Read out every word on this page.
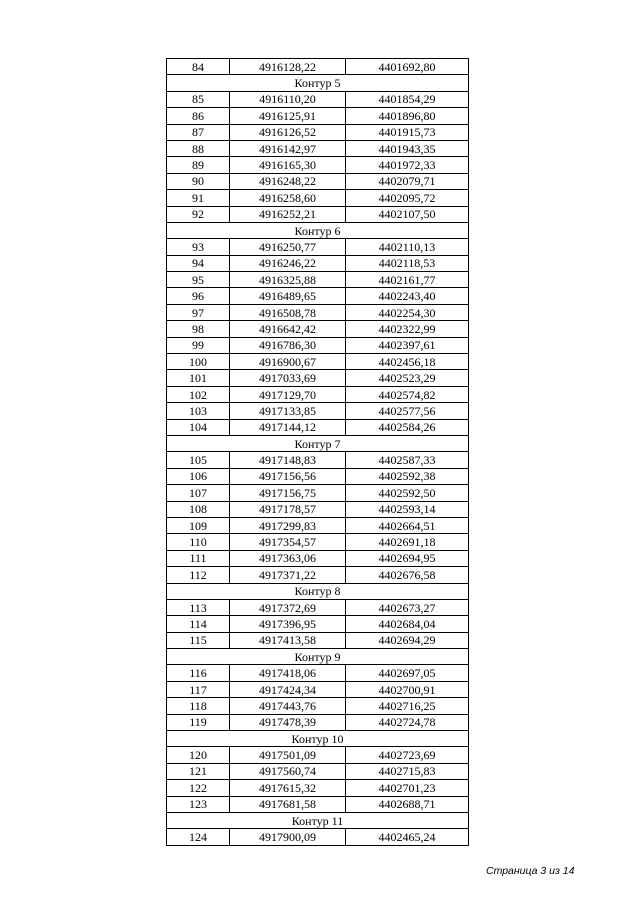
84	4916128,22	4401692,80
Контур 5		
85	4916110,20	4401854,29
86	4916125,91	4401896,80
87	4916126,52	4401915,73
88	4916142,97	4401943,35
89	4916165,30	4401972,33
90	4916248,22	4402079,71
91	4916258,60	4402095,72
92	4916252,21	4402107,50
Контур 6		
93	4916250,77	4402110,13
94	4916246,22	4402118,53
95	4916325,88	4402161,77
96	4916489,65	4402243,40
97	4916508,78	4402254,30
98	4916642,42	4402322,99
99	4916786,30	4402397,61
100	4916900,67	4402456,18
101	4917033,69	4402523,29
102	4917129,70	4402574,82
103	4917133,85	4402577,56
104	4917144,12	4402584,26
Контур 7		
105	4917148,83	4402587,33
106	4917156,56	4402592,38
107	4917156,75	4402592,50
108	4917178,57	4402593,14
109	4917299,83	4402664,51
110	4917354,57	4402691,18
111	4917363,06	4402694,95
112	4917371,22	4402676,58
Контур 8		
113	4917372,69	4402673,27
114	4917396,95	4402684,04
115	4917413,58	4402694,29
Контур 9		
116	4917418,06	4402697,05
117	4917424,34	4402700,91
118	4917443,76	4402716,25
119	4917478,39	4402724,78
Контур 10		
120	4917501,09	4402723,69
121	4917560,74	4402715,83
122	4917615,32	4402701,23
123	4917681,58	4402688,71
Контур 11		
124	4917900,09	4402465,24
Страница 3 из 14
